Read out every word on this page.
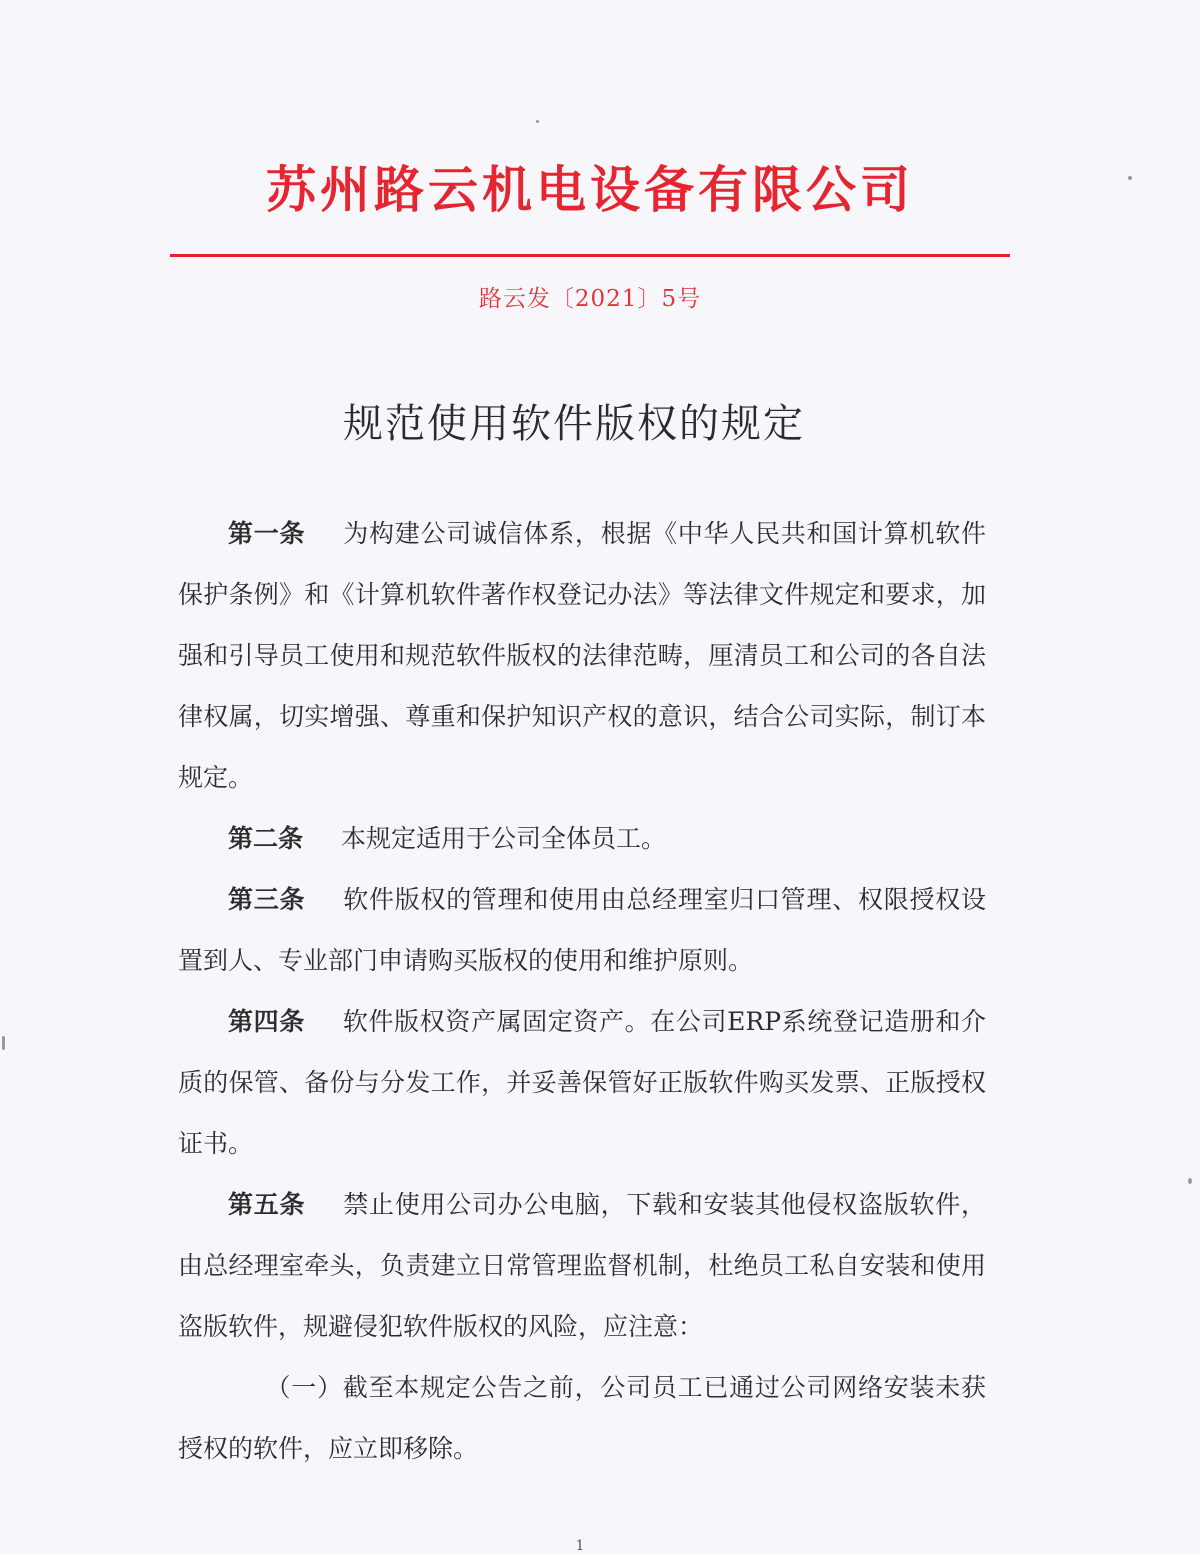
苏州路云机电设备有限公司
路云发〔2021〕5号
规范使用软件版权的规定

第一条 为构建公司诚信体系，根据《中华人民共和国计算机软件保护条例》和《计算机软件著作权登记办法》等法律文件规定和要求，加强和引导员工使用和规范软件版权的法律范畴，厘清员工和公司的各自法律权属，切实增强、尊重和保护知识产权的意识，结合公司实际，制订本规定。

第二条 本规定适用于公司全体员工。

第三条 软件版权的管理和使用由总经理室归口管理、权限授权设置到人、专业部门申请购买版权的使用和维护原则。

第四条 软件版权资产属固定资产。在公司ERP系统登记造册和介质的保管、备份与分发工作，并妥善保管好正版软件购买发票、正版授权证书。

第五条 禁止使用公司办公电脑，下载和安装其他侵权盗版软件，由总经理室牵头，负责建立日常管理监督机制，杜绝员工私自安装和使用盗版软件，规避侵犯软件版权的风险，应注意：

（一）截至本规定公告之前，公司员工已通过公司网络安装未获授权的软件，应立即移除。

1
